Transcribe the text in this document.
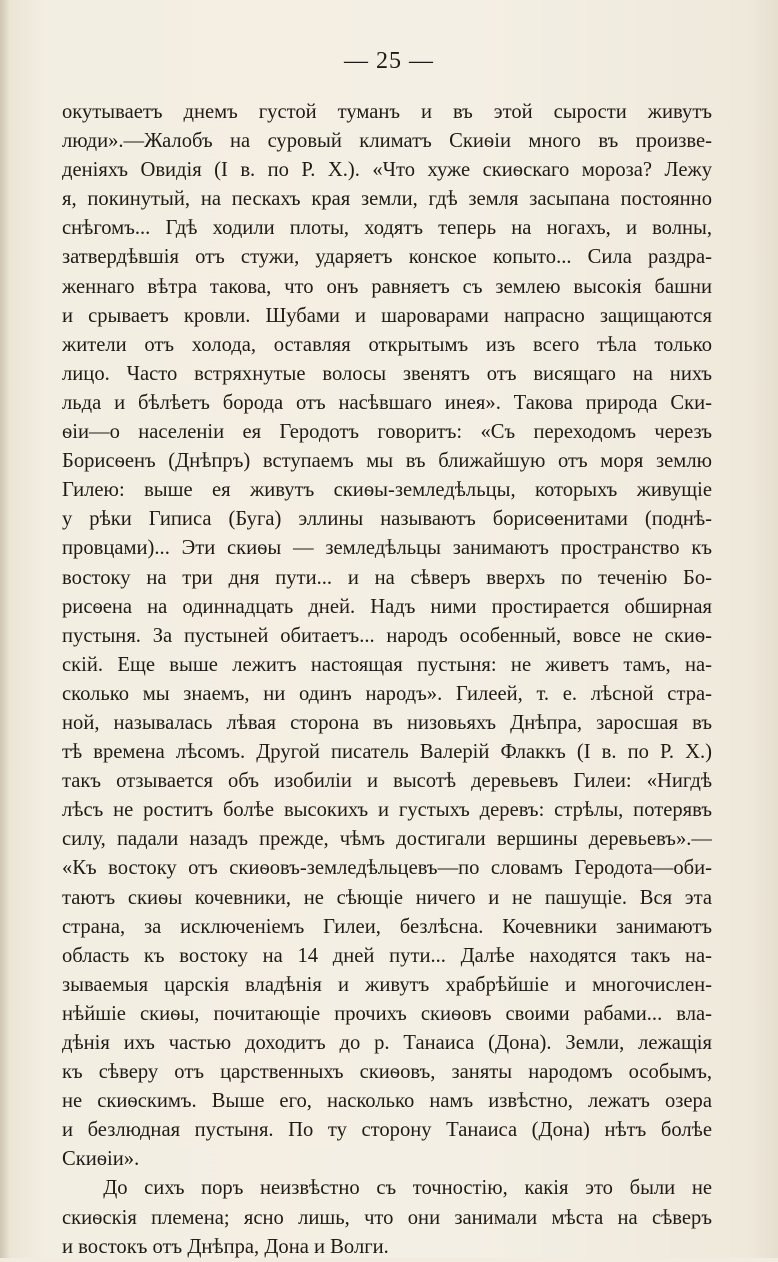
— 25 —
окутываетъ днемъ густой туманъ и въ этой сырости живутъ
люди».—Жалобъ на суровый климатъ Скиѳiи много въ произве-
денiяхъ Овидiя (I в. по Р. X.). «Что хуже скиѳскаго мороза? Лежу
я, покинутый, на пескахъ края земли, гдѣ земля засыпана постоянно
снѣгомъ... Гдѣ ходили плоты, ходятъ теперь на ногахъ, и волны,
затвердѣвшiя отъ стужи, ударяетъ конское копыто... Сила раздра-
женнаго вѣтра такова, что онъ равняетъ съ землею высокiя башни
и срываетъ кровли. Шубами и шароварами напрасно защищаются
жители отъ холода, оставляя открытымъ изъ всего тѣла только
лицо. Часто встряхнутые волосы звенятъ отъ висящаго на нихъ
льда и бѣлѣетъ борода отъ насѣвшаго инея». Такова природа Ски-
ѳiи—о населенiи ея Геродотъ говоритъ: «Съ переходомъ черезъ
Борисѳенъ (Днѣпръ) вступаемъ мы въ ближайшую отъ моря землю
Гилею: выше ея живутъ скиѳы-земледѣльцы, которыхъ живущiе
у рѣки Гиписа (Буга) эллины называютъ борисѳенитами (поднѣ-
провцами)... Эти скиѳы — земледѣльцы занимаютъ пространство къ
востоку на три дня пути... и на сѣверъ вверхъ по теченiю Бо-
рисѳена на одиннадцать дней. Надъ ними простирается обширная
пустыня. За пустыней обитаетъ... народъ особенный, вовсе не скиѳ-
скiй. Еще выше лежитъ настоящая пустыня: не живетъ тамъ, на-
сколько мы знаемъ, ни одинъ народъ». Гилеей, т. е. лѣсной стра-
ной, называлась лѣвая сторона въ низовьяхъ Днѣпра, заросшая въ
тѣ времена лѣсомъ. Другой писатель Валерiй Флаккъ (I в. по Р. X.)
такъ отзывается объ изобилiи и высотѣ деревьевъ Гилеи: «Нигдѣ
лѣсъ не роститъ болѣе высокихъ и густыхъ деревъ: стрѣлы, потерявъ
силу, падали назадъ прежде, чѣмъ достигали вершины деревьевъ».—
«Къ востоку отъ скиѳовъ-земледѣльцевъ—по словамъ Геродота—оби-
таютъ скиѳы кочевники, не сѣющiе ничего и не пашущiе. Вся эта
страна, за исключенiемъ Гилеи, безлѣсна. Кочевники занимаютъ
область къ востоку на 14 дней пути... Далѣе находятся такъ на-
зываемыя царскiя владѣнiя и живутъ храбрѣйшiе и многочислен-
нѣйшiе скиѳы, почитающiе прочихъ скиѳовъ своими рабами... вла-
дѣнiя ихъ частью доходитъ до р. Танаиса (Дона). Земли, лежащiя
къ сѣверу отъ царственныхъ скиѳовъ, заняты народомъ особымъ,
не скиѳскимъ. Выше его, насколько намъ извѣстно, лежатъ озера
и безлюдная пустыня. По ту сторону Танаиса (Дона) нѣтъ болѣе
Скиѳiи».
До сихъ поръ неизвѣстно съ точностiю, какiя это были не
скиѳскiя племена; ясно лишь, что они занимали мѣста на сѣверъ
и востокъ отъ Днѣпра, Дона и Волги.
